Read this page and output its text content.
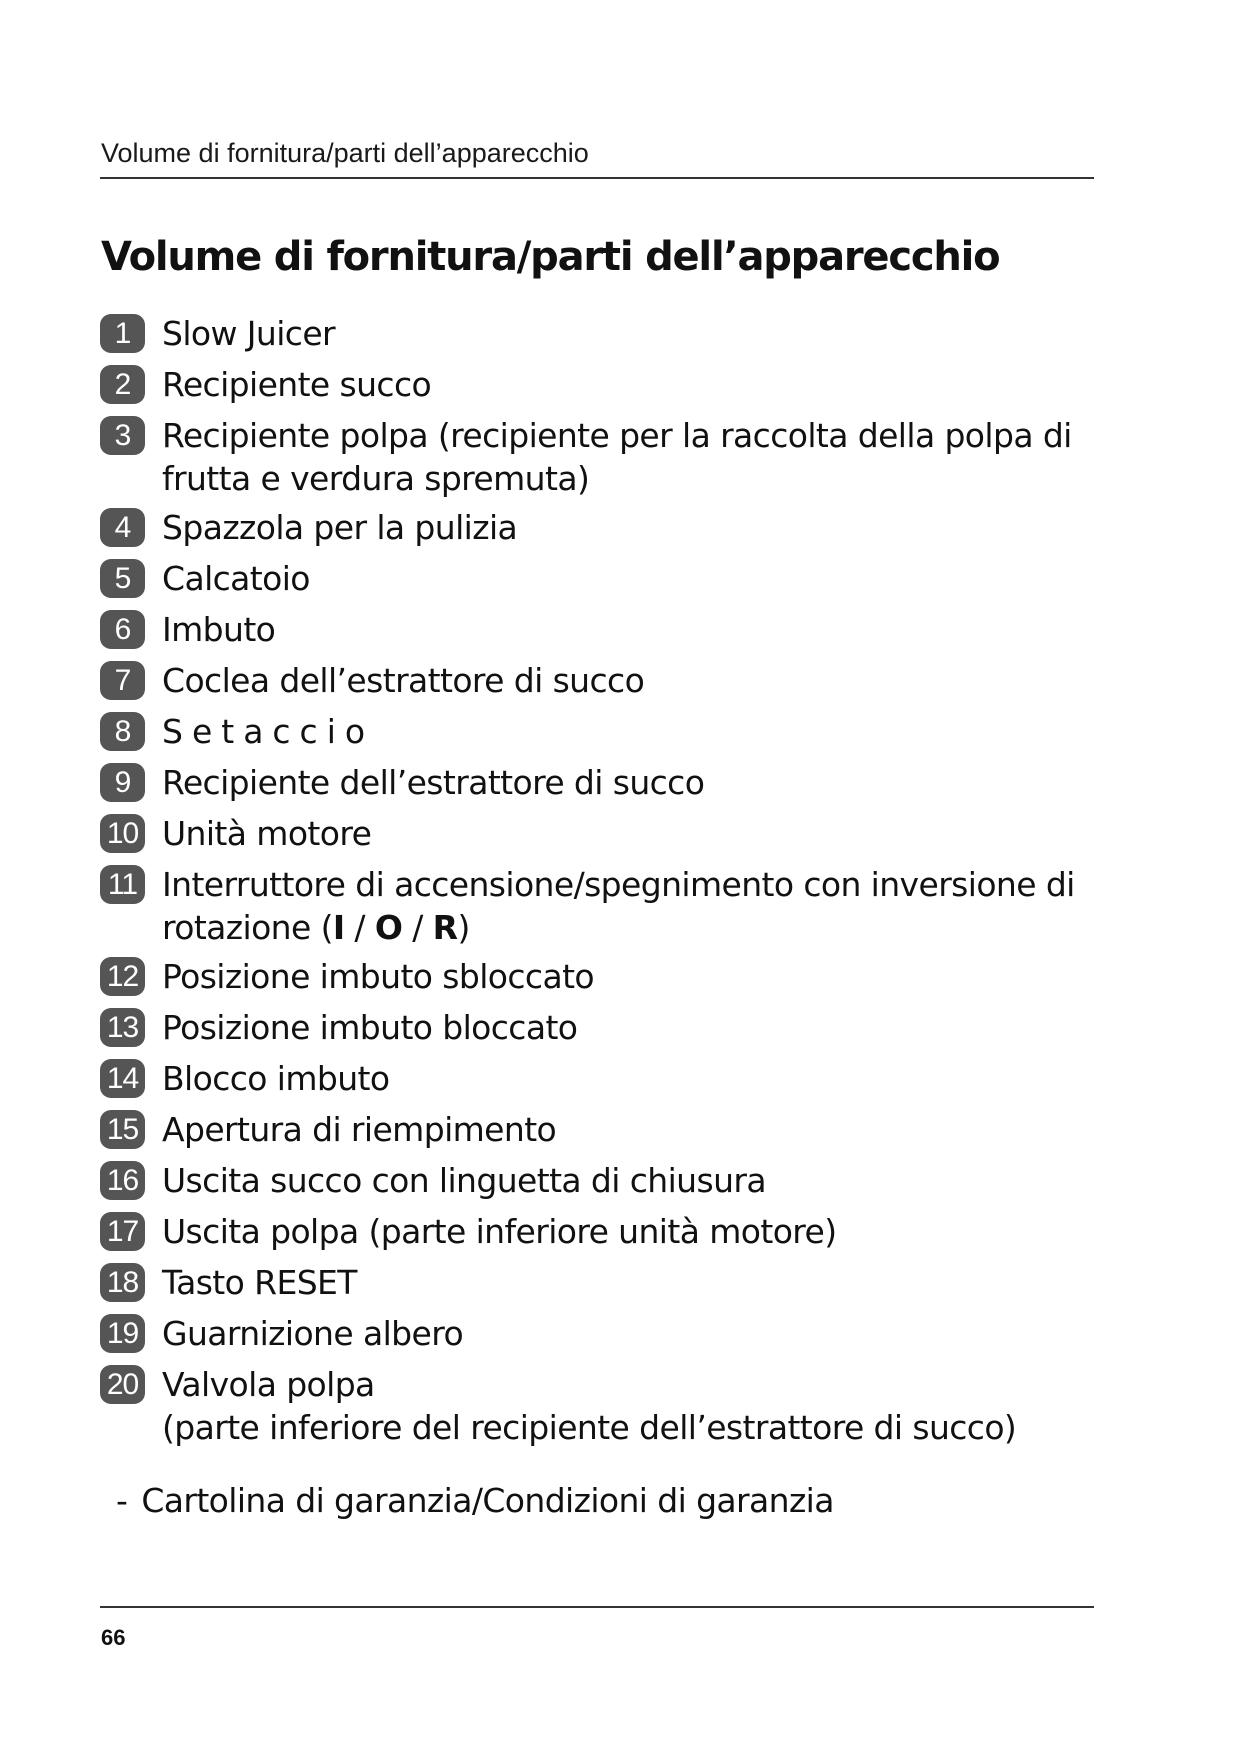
Volume di fornitura/parti dell’apparecchio
Volume di fornitura/parti dell’apparecchio
1 Slow Juicer
2 Recipiente succo
3 Recipiente polpa (recipiente per la raccolta della polpa di
frutta e verdura spremuta)
4 Spazzola per la pulizia
5 Calcatoio
6 Imbuto
7 Coclea dell’estrattore di succo
8 Setaccio
9 Recipiente dell’estrattore di succo
10 Unità motore
11 Interruttore di accensione/spegnimento con inversione di
rotazione (I / O / R)
12 Posizione imbuto sbloccato
13 Posizione imbuto bloccato
14 Blocco imbuto
15 Apertura di riempimento
16 Uscita succo con linguetta di chiusura
17 Uscita polpa (parte inferiore unità motore)
18 Tasto RESET
19 Guarnizione albero
20 Valvola polpa
(parte inferiore del recipiente dell’estrattore di succo)
- Cartolina di garanzia/Condizioni di garanzia
66
